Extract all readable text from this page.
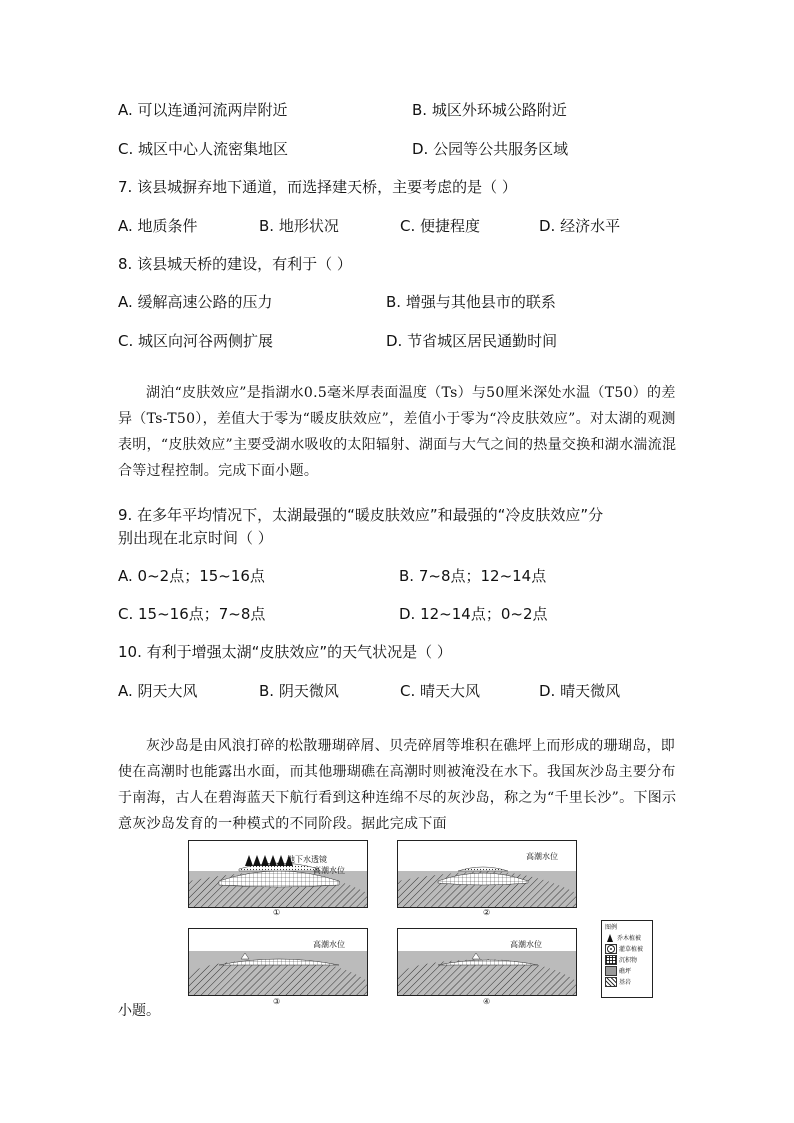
A. 可以连通河流两岸附近	B. 城区外环城公路附近
C. 城区中心人流密集地区	D. 公园等公共服务区域
7. 该县城摒弃地下通道，而选择建天桥，主要考虑的是（ ）
A. 地质条件	B. 地形状况	C. 便捷程度	D. 经济水平
8. 该县城天桥的建设，有利于（ ）
A. 缓解高速公路的压力	B. 增强与其他县市的联系
C. 城区向河谷两侧扩展	D. 节省城区居民通勤时间

湖泊“皮肤效应”是指湖水0.5毫米厚表面温度（Ts）与50厘米深处水温（T50）的差异（Ts-T50），差值大于零为“暖皮肤效应”，差值小于零为“冷皮肤效应”。对太湖的观测表明，“皮肤效应”主要受湖水吸收的太阳辐射、湖面与大气之间的热量交换和湖水湍流混合等过程控制。完成下面小题。

9. 在多年平均情况下，太湖最强的“暖皮肤效应”和最强的“冷皮肤效应”分
别出现在北京时间（ ）
A. 0~2点；15~16点	B. 7~8点；12~14点
C. 15~16点；7~8点	D. 12~14点；0~2点
10. 有利于增强太湖“皮肤效应”的天气状况是（ ）
A. 阴天大风	B. 阴天微风	C. 晴天大风	D. 晴天微风

灰沙岛是由风浪打碎的松散珊瑚碎屑、贝壳碎屑等堆积在礁坪上而形成的珊瑚岛，即使在高潮时也能露出水面，而其他珊瑚礁在高潮时则被淹没在水下。我国灰沙岛主要分布于南海，古人在碧海蓝天下航行看到这种连绵不尽的灰沙岛，称之为“千里长沙”。下图示意灰沙岛发育的一种模式的不同阶段。据此完成下面

地下水透镜
高潮水位
①
高潮水位
②
高潮水位
③
高潮水位
④
图例
乔木植被
灌草植被
沉积物
礁坪
基岩
小题。
